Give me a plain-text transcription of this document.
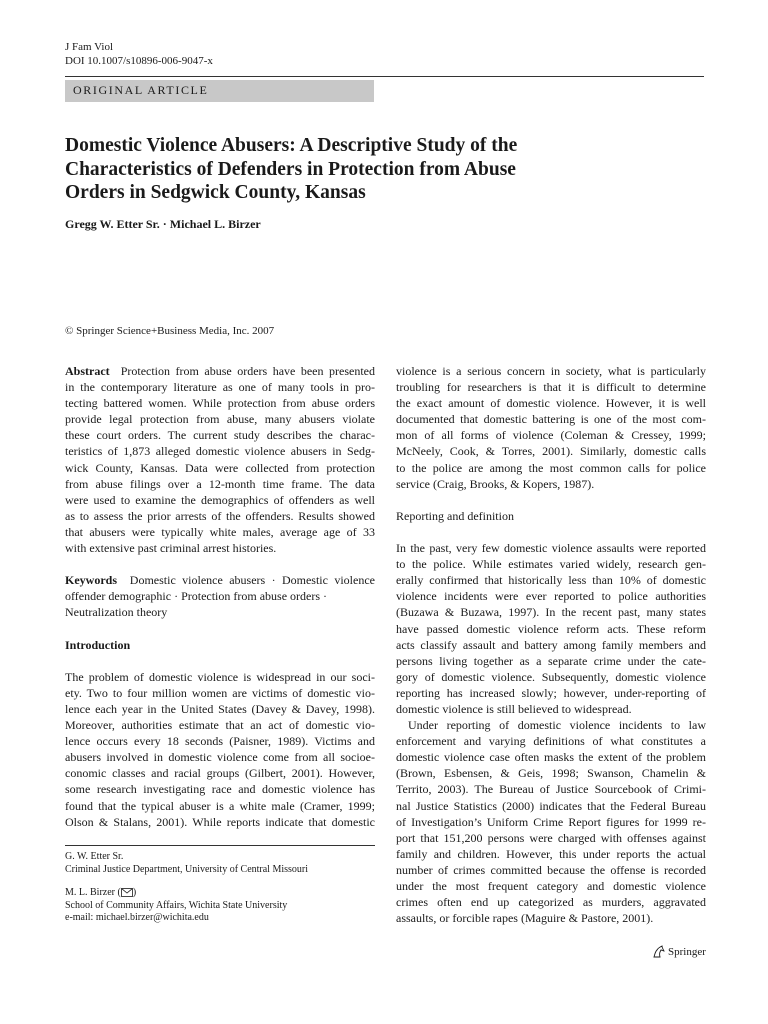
J Fam Viol
DOI 10.1007/s10896-006-9047-x
ORIGINAL ARTICLE
Domestic Violence Abusers: A Descriptive Study of the
Characteristics of Defenders in Protection from Abuse
Orders in Sedgwick County, Kansas
Gregg W. Etter Sr. · Michael L. Birzer
© Springer Science+Business Media, Inc. 2007
Abstract Protection from abuse orders have been presented
in the contemporary literature as one of many tools in pro-
tecting battered women. While protection from abuse orders
provide legal protection from abuse, many abusers violate
these court orders. The current study describes the charac-
teristics of 1,873 alleged domestic violence abusers in Sedg-
wick County, Kansas. Data were collected from protection
from abuse filings over a 12-month time frame. The data
were used to examine the demographics of offenders as well
as to assess the prior arrests of the offenders. Results showed
that abusers were typically white males, average age of 33
with extensive past criminal arrest histories.
Keywords Domestic violence abusers · Domestic violence
offender demographic · Protection from abuse orders ·
Neutralization theory
Introduction
The problem of domestic violence is widespread in our soci-
ety. Two to four million women are victims of domestic vio-
lence each year in the United States (Davey & Davey, 1998).
Moreover, authorities estimate that an act of domestic vio-
lence occurs every 18 seconds (Paisner, 1989). Victims and
abusers involved in domestic violence come from all socioe-
conomic classes and racial groups (Gilbert, 2001). However,
some research investigating race and domestic violence has
found that the typical abuser is a white male (Cramer, 1999;
Olson & Stalans, 2001). While reports indicate that domestic
violence is a serious concern in society, what is particularly
troubling for researchers is that it is difficult to determine
the exact amount of domestic violence. However, it is well
documented that domestic battering is one of the most com-
mon of all forms of violence (Coleman & Cressey, 1999;
McNeely, Cook, & Torres, 2001). Similarly, domestic calls
to the police are among the most common calls for police
service (Craig, Brooks, & Kopers, 1987).
Reporting and definition
In the past, very few domestic violence assaults were reported
to the police. While estimates varied widely, research gen-
erally confirmed that historically less than 10% of domestic
violence incidents were ever reported to police authorities
(Buzawa & Buzawa, 1997). In the recent past, many states
have passed domestic violence reform acts. These reform
acts classify assault and battery among family members and
persons living together as a separate crime under the cate-
gory of domestic violence. Subsequently, domestic violence
reporting has increased slowly; however, under-reporting of
domestic violence is still believed to widespread.
Under reporting of domestic violence incidents to law
enforcement and varying definitions of what constitutes a
domestic violence case often masks the extent of the problem
(Brown, Esbensen, & Geis, 1998; Swanson, Chamelin &
Territo, 2003). The Bureau of Justice Sourcebook of Crimi-
nal Justice Statistics (2000) indicates that the Federal Bureau
of Investigation’s Uniform Crime Report figures for 1999 re-
port that 151,200 persons were charged with offenses against
family and children. However, this under reports the actual
number of crimes committed because the offense is recorded
under the most frequent category and domestic violence
crimes often end up categorized as murders, aggravated
assaults, or forcible rapes (Maguire & Pastore, 2001).
G. W. Etter Sr.
Criminal Justice Department, University of Central Missouri
M. L. Birzer ( )
School of Community Affairs, Wichita State University
e-mail: michael.birzer@wichita.edu
Springer
